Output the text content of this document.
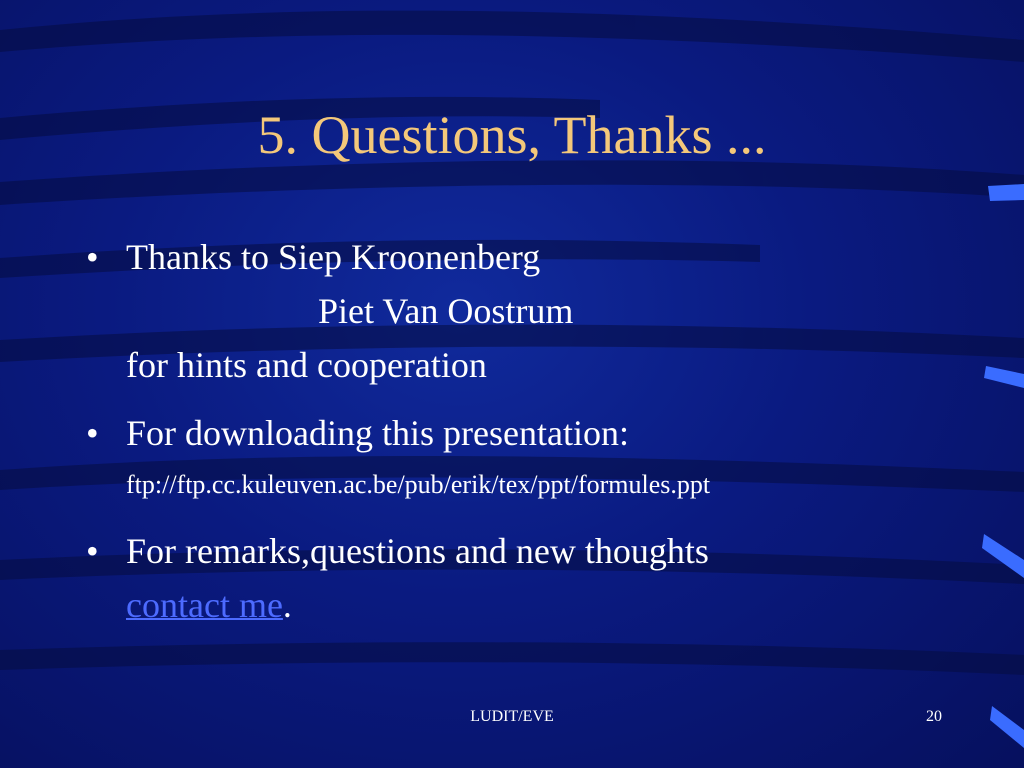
5. Questions, Thanks ...
• Thanks to Siep Kroonenberg
Piet Van Oostrum
for hints and cooperation
• For downloading this presentation:
ftp://ftp.cc.kuleuven.ac.be/pub/erik/tex/ppt/formules.ppt
• For remarks,questions and new thoughts
contact me.
LUDIT/EVE	20
